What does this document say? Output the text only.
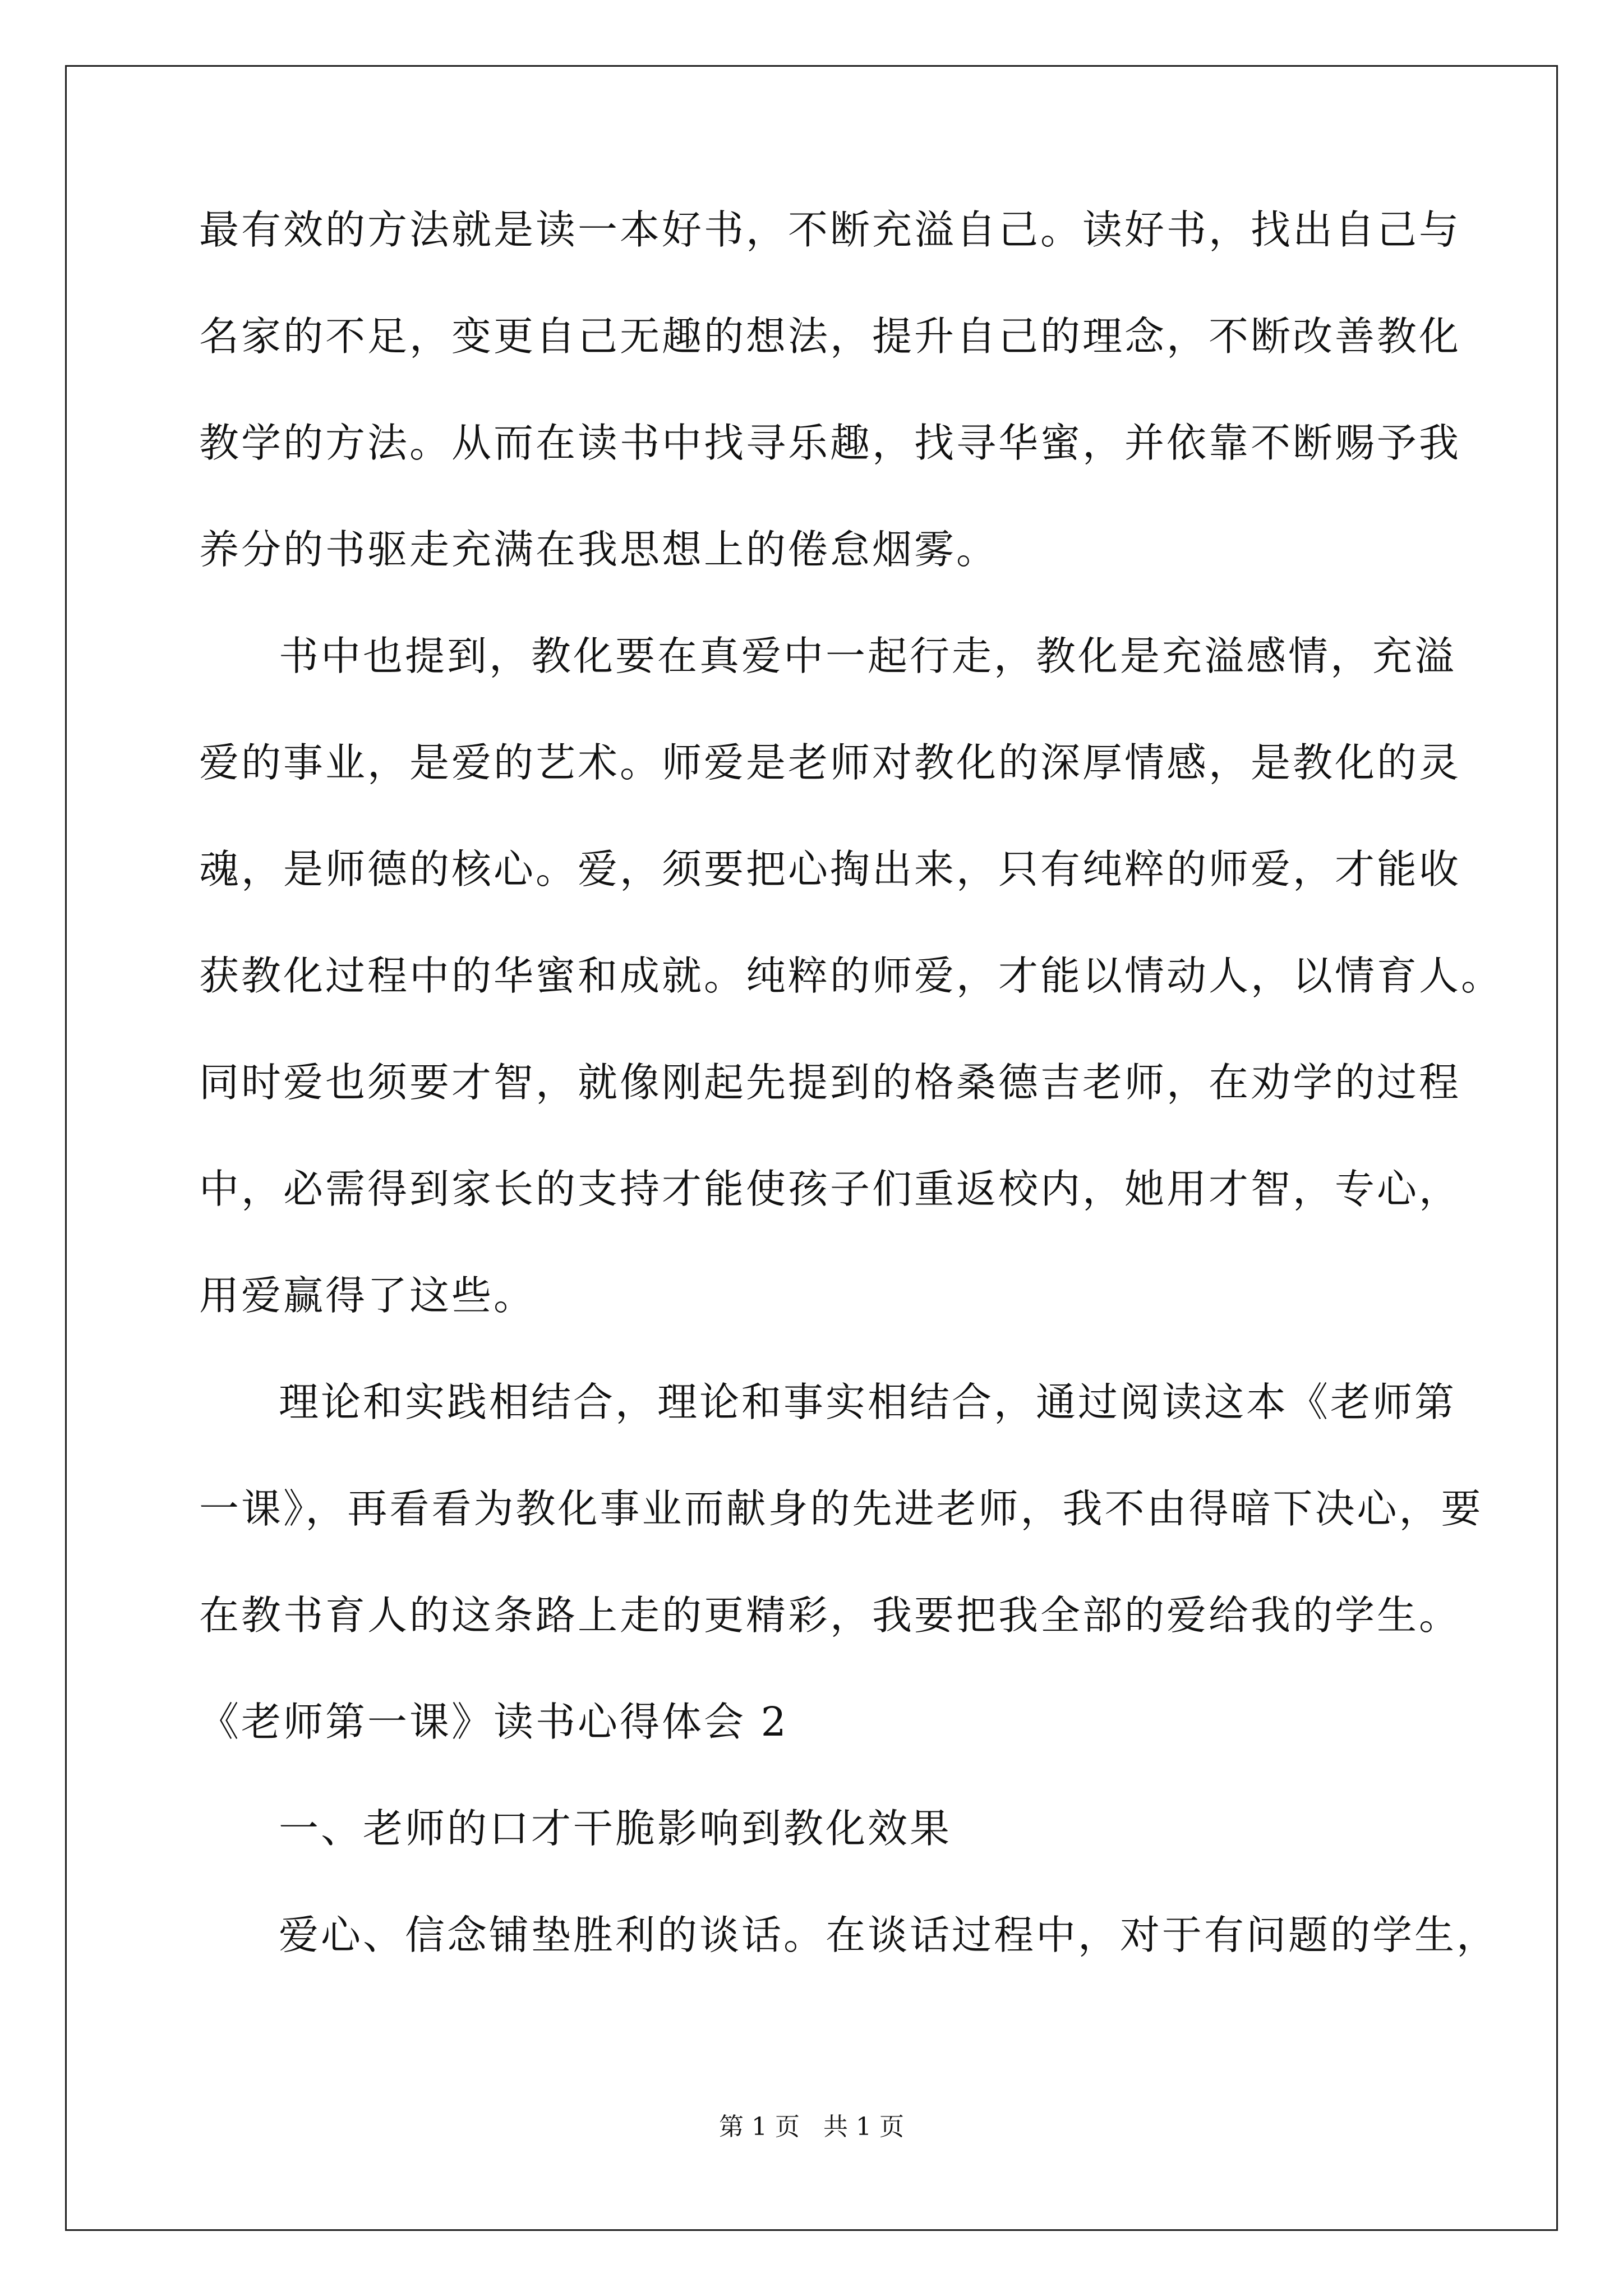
最有效的方法就是读一本好书，不断充溢自己。读好书，找出自己与
名家的不足，变更自己无趣的想法，提升自己的理念，不断改善教化
教学的方法。从而在读书中找寻乐趣，找寻华蜜，并依靠不断赐予我
养分的书驱走充满在我思想上的倦怠烟雾。
书中也提到，教化要在真爱中一起行走，教化是充溢感情，充溢
爱的事业，是爱的艺术。师爱是老师对教化的深厚情感，是教化的灵
魂，是师德的核心。爱，须要把心掏出来，只有纯粹的师爱，才能收
获教化过程中的华蜜和成就。纯粹的师爱，才能以情动人，以情育人。
同时爱也须要才智，就像刚起先提到的格桑德吉老师，在劝学的过程
中，必需得到家长的支持才能使孩子们重返校内，她用才智，专心，
用爱赢得了这些。
理论和实践相结合，理论和事实相结合，通过阅读这本《老师第
一课》，再看看为教化事业而献身的先进老师，我不由得暗下决心，要
在教书育人的这条路上走的更精彩，我要把我全部的爱给我的学生。
《老师第一课》读书心得体会 2
一、老师的口才干脆影响到教化效果
爱心、信念铺垫胜利的谈话。在谈话过程中，对于有问题的学生，
第 1 页   共 1 页
